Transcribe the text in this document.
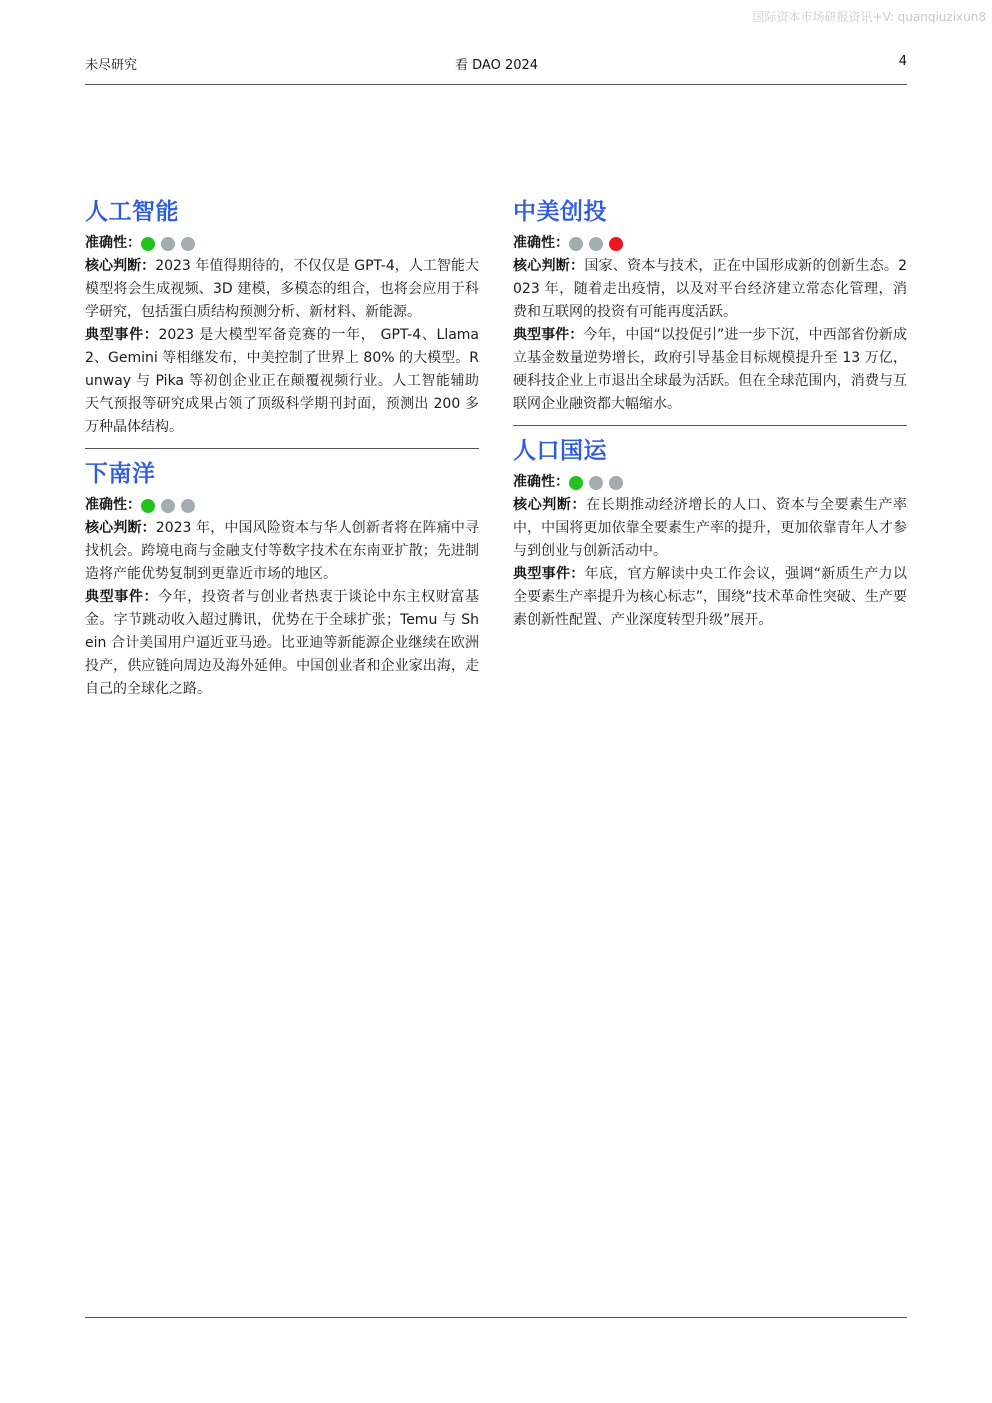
国际资本市场研报资讯+V: quanqiuzixun8
未尽研究	看 DAO 2024	4
人工智能
准确性：

核心判断：2023 年值得期待的，不仅仅是 GPT-4，人工智能大模型将会生成视频、3D 建模，多模态的组合，也将会应用于科学研究，包括蛋白质结构预测分析、新材料、新能源。

典型事件：2023 是大模型军备竞赛的一年， GPT-4、Llama2、Gemini 等相继发布，中美控制了世界上 80% 的大模型。Runway 与 Pika 等初创企业正在颠覆视频行业。人工智能辅助天气预报等研究成果占领了顶级科学期刊封面，预测出 200 多万种晶体结构。

下南洋
准确性：

核心判断：2023 年，中国风险资本与华人创新者将在阵痛中寻找机会。跨境电商与金融支付等数字技术在东南亚扩散；先进制造将产能优势复制到更靠近市场的地区。

典型事件：今年，投资者与创业者热衷于谈论中东主权财富基金。字节跳动收入超过腾讯，优势在于全球扩张；Temu 与 Shein 合计美国用户逼近亚马逊。比亚迪等新能源企业继续在欧洲投产，供应链向周边及海外延伸。中国创业者和企业家出海，走自己的全球化之路。

中美创投
准确性：

核心判断：国家、资本与技术，正在中国形成新的创新生态。2023 年，随着走出疫情，以及对平台经济建立常态化管理，消费和互联网的投资有可能再度活跃。

典型事件：今年，中国“以投促引”进一步下沉，中西部省份新成立基金数量逆势增长，政府引导基金目标规模提升至 13 万亿，硬科技企业上市退出全球最为活跃。但在全球范围内，消费与互联网企业融资都大幅缩水。

人口国运
准确性：

核心判断：在长期推动经济增长的人口、资本与全要素生产率中，中国将更加依靠全要素生产率的提升，更加依靠青年人才参与到创业与创新活动中。

典型事件：年底，官方解读中央工作会议，强调“新质生产力以全要素生产率提升为核心标志”，围绕“技术革命性突破、生产要素创新性配置、产业深度转型升级”展开。
